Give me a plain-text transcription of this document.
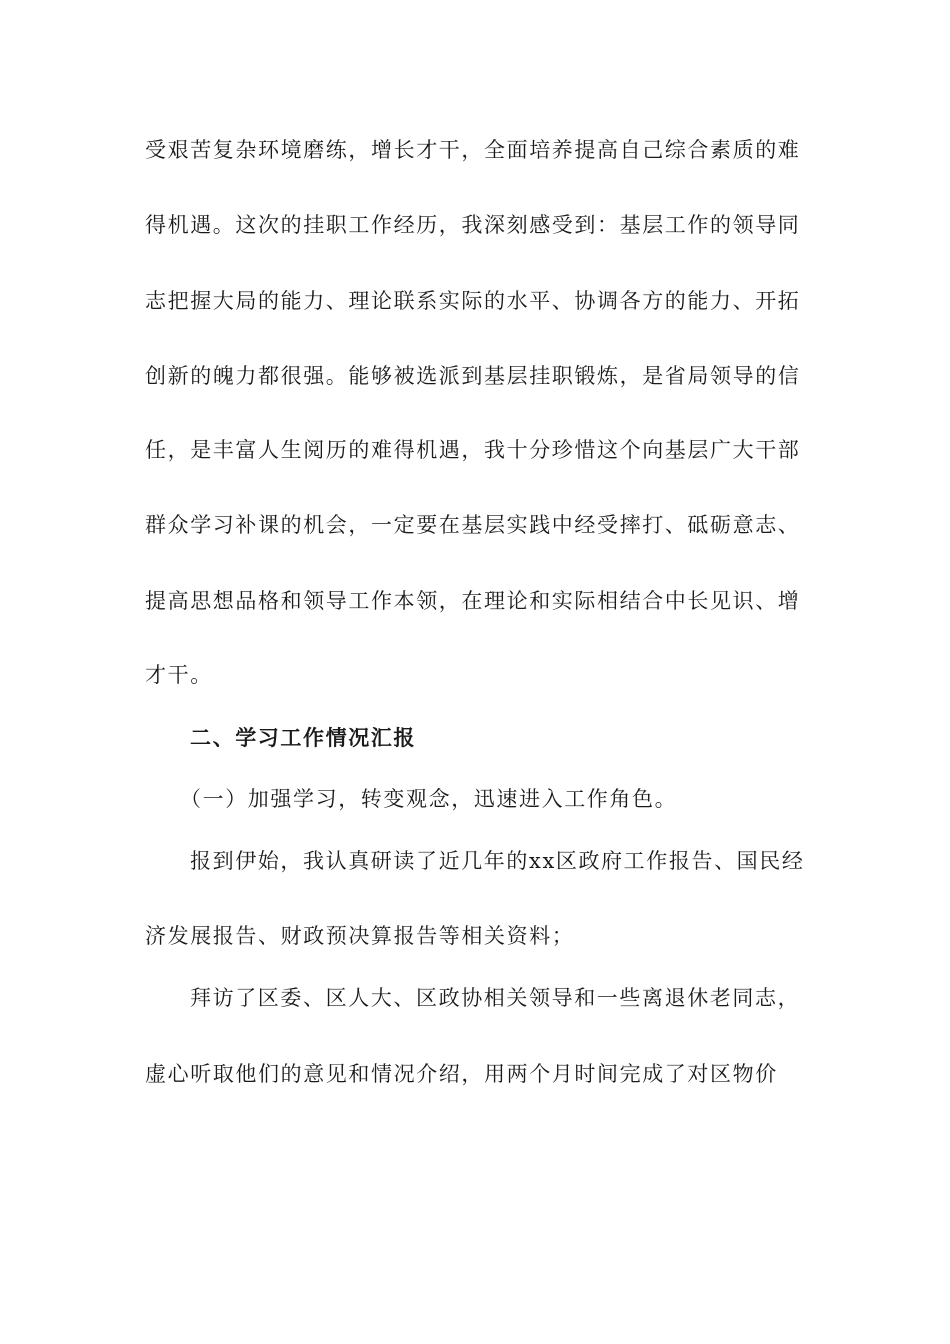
受艰苦复杂环境磨练，增长才干，全面培养提高自己综合素质的难
得机遇。这次的挂职工作经历，我深刻感受到：基层工作的领导同
志把握大局的能力、理论联系实际的水平、协调各方的能力、开拓
创新的魄力都很强。能够被选派到基层挂职锻炼，是省局领导的信
任，是丰富人生阅历的难得机遇，我十分珍惜这个向基层广大干部
群众学习补课的机会，一定要在基层实践中经受摔打、砥砺意志、
提高思想品格和领导工作本领，在理论和实际相结合中长见识、增
才干。
二、学习工作情况汇报
（一）加强学习，转变观念，迅速进入工作角色。
报到伊始，我认真研读了近几年的xx区政府工作报告、国民经
济发展报告、财政预决算报告等相关资料；
拜访了区委、区人大、区政协相关领导和一些离退休老同志，
虚心听取他们的意见和情况介绍，用两个月时间完成了对区物价
